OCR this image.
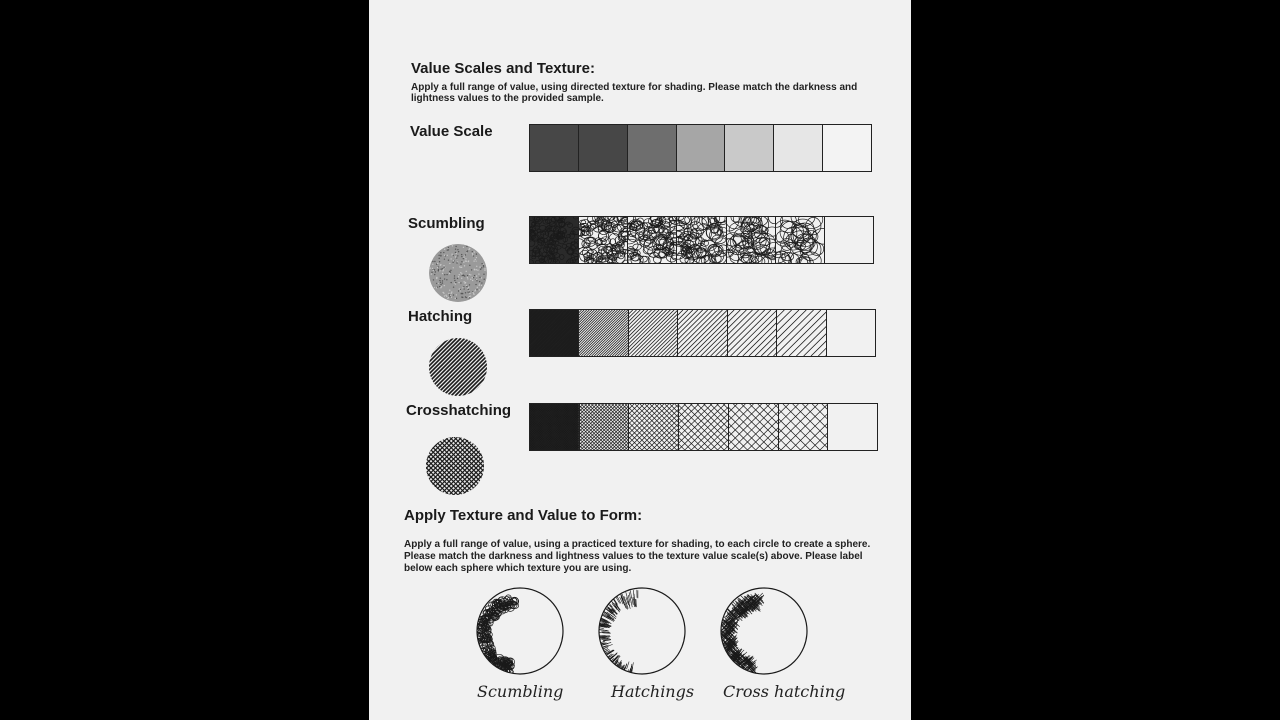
Value Scales and Texture:
Apply a full range of value, using directed texture for shading. Please match the darkness and lightness values to the provided sample.
Value Scale
Scumbling
Hatching
Crosshatching
Apply Texture and Value to Form:
Apply a full range of value, using a practiced texture for shading, to each circle to create a sphere. Please match the darkness and lightness values to the texture value scale(s) above. Please label below each sphere which texture you are using.
Scumbling	Hatchings Cross hatching
